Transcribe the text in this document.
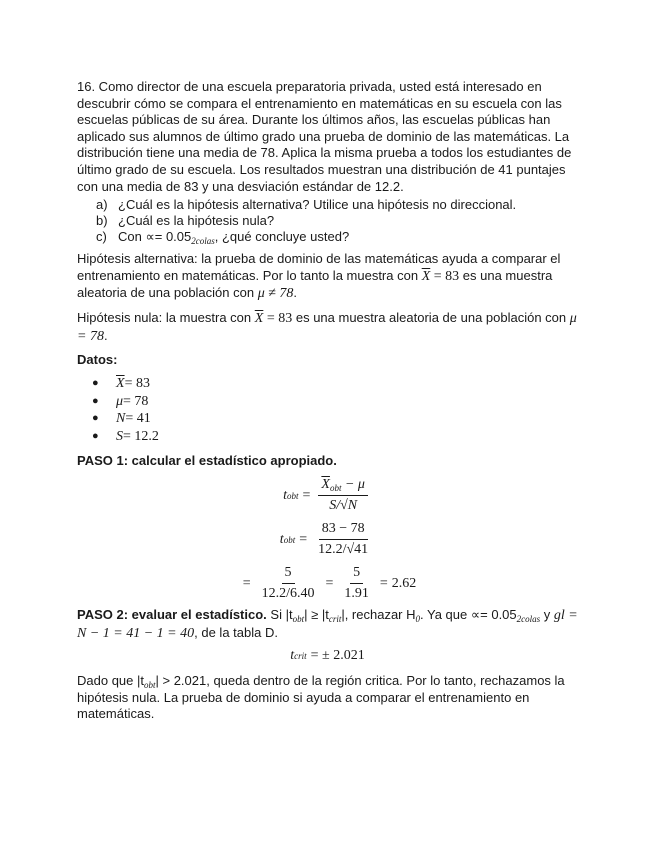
16. Como director de una escuela preparatoria privada, usted está interesado en descubrir cómo se compara el entrenamiento en matemáticas en su escuela con las escuelas públicas de su área. Durante los últimos años, las escuelas públicas han aplicado sus alumnos de último grado una prueba de dominio de las matemáticas. La distribución tiene una media de 78. Aplica la misma prueba a todos los estudiantes de último grado de su escuela. Los resultados muestran una distribución de 41 puntajes con una media de 83 y una desviación estándar de 12.2.
a) ¿Cuál es la hipótesis alternativa? Utilice una hipótesis no direccional.
b) ¿Cuál es la hipótesis nula?
c) Con ∝= $0.05_{2colas}$, ¿qué concluye usted?
Hipótesis alternativa: la prueba de dominio de las matemáticas ayuda a comparar el entrenamiento en matemáticas. Por lo tanto la muestra con $\overline{X} = 83$ es una muestra aleatoria de una población con μ ≠ 78.
Hipótesis nula: la muestra con $\overline{X} = 83$ es una muestra aleatoria de una población con μ = 78.
Datos:
●	$\overline{X} = 83$
●	μ = 78
●	N = 41
●	S = 12.2
PASO 1: calcular el estadístico apropiado.
t obt = $\frac{\overline{X}_{obt} - \mu}{S/√N}$
t obt = $\frac{83 - 78}{12.2/√41}$
= $\frac{5}{12.2/6.40} = \frac{5}{1.91} = 2.62$
PASO 2: evaluar el estadístico. Si $|t_{obt}| \ge |t_{crit}|$, rechazar $H_0$. Ya que ∝= $0.05_{2colas}$ y gl = N − 1 = 41 − 1 = 40, de la tabla D.
t crit = ± 2.021
Dado que $|t_{obt}| > 2.021$, queda dentro de la región critica. Por lo tanto, rechazamos la hipótesis nula. La prueba de dominio si ayuda a comparar el entrenamiento en matemáticas.
